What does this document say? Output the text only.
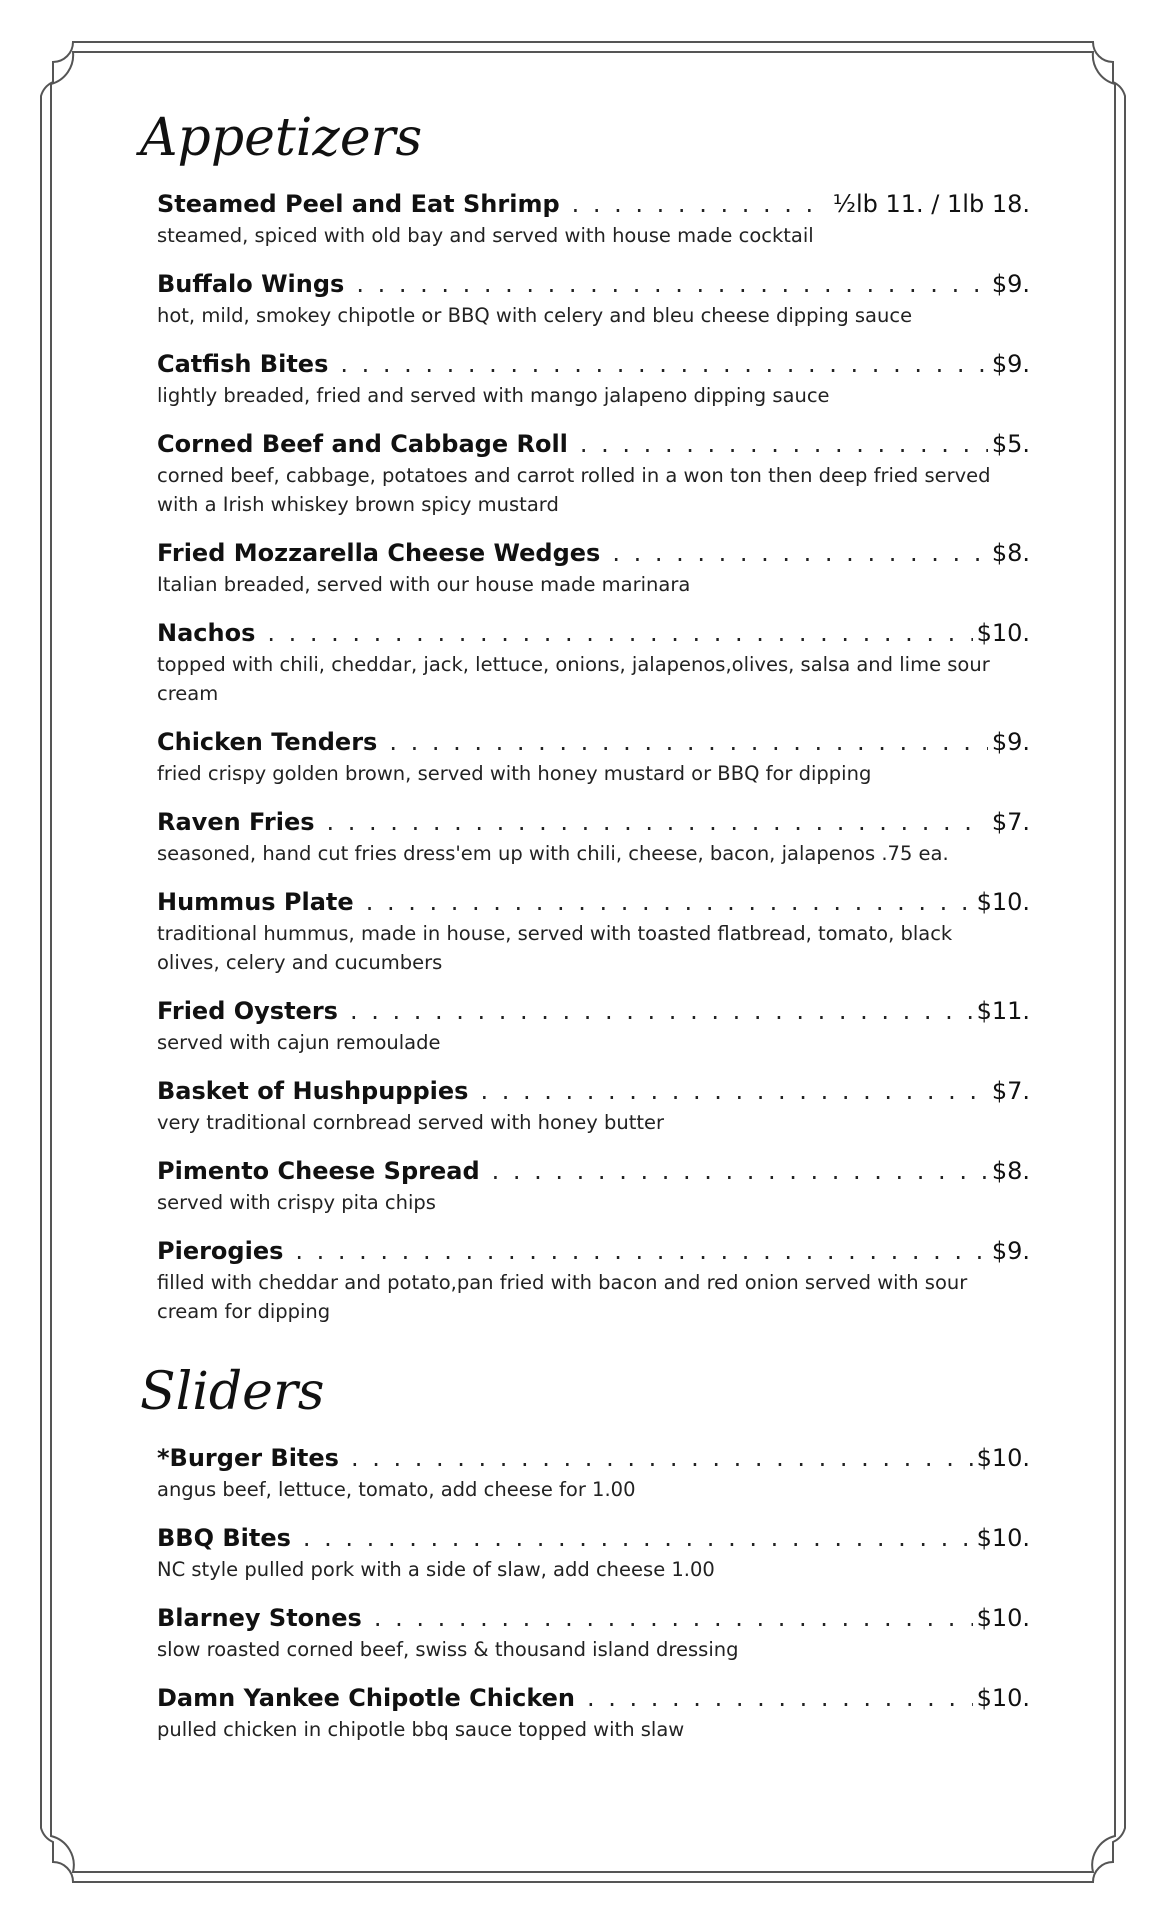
Appetizers
Steamed Peel and Eat Shrimp . . .	½lb 11. / 1lb 18.
steamed, spiced with old bay and served with house made cocktail
Buffalo Wings . . .	$9.
hot, mild, smokey chipotle or BBQ with celery and bleu cheese dipping sauce
Catfish Bites . . .	$9.
lightly breaded, fried and served with mango jalapeno dipping sauce
Corned Beef and Cabbage Roll . . .	$5.
corned beef, cabbage, potatoes and carrot rolled in a won ton then deep fried served with a Irish whiskey brown spicy mustard
Fried Mozzarella Cheese Wedges . . .	$8.
Italian breaded, served with our house made marinara
Nachos . . .	$10.
topped with chili, cheddar, jack, lettuce, onions, jalapenos,olives, salsa and lime sour cream
Chicken Tenders . . .	$9.
fried crispy golden brown, served with honey mustard or BBQ for dipping
Raven Fries . . .	$7.
seasoned, hand cut fries dress'em up with chili, cheese, bacon, jalapenos .75 ea.
Hummus Plate . . .	$10.
traditional hummus, made in house, served with toasted flatbread, tomato, black olives, celery and cucumbers
Fried Oysters . . .	$11.
served with cajun remoulade
Basket of Hushpuppies . . .	$7.
very traditional cornbread served with honey butter
Pimento Cheese Spread . . .	$8.
served with crispy pita chips
Pierogies . . .	$9.
filled with cheddar and potato,pan fried with bacon and red onion served with sour cream for dipping
Sliders
*Burger Bites . . .	$10.
angus beef, lettuce, tomato, add cheese for 1.00
BBQ Bites . . .	$10.
NC style pulled pork with a side of slaw, add cheese 1.00
Blarney Stones . . .	$10.
slow roasted corned beef, swiss & thousand island dressing
Damn Yankee Chipotle Chicken . . .	$10.
pulled chicken in chipotle bbq sauce topped with slaw
